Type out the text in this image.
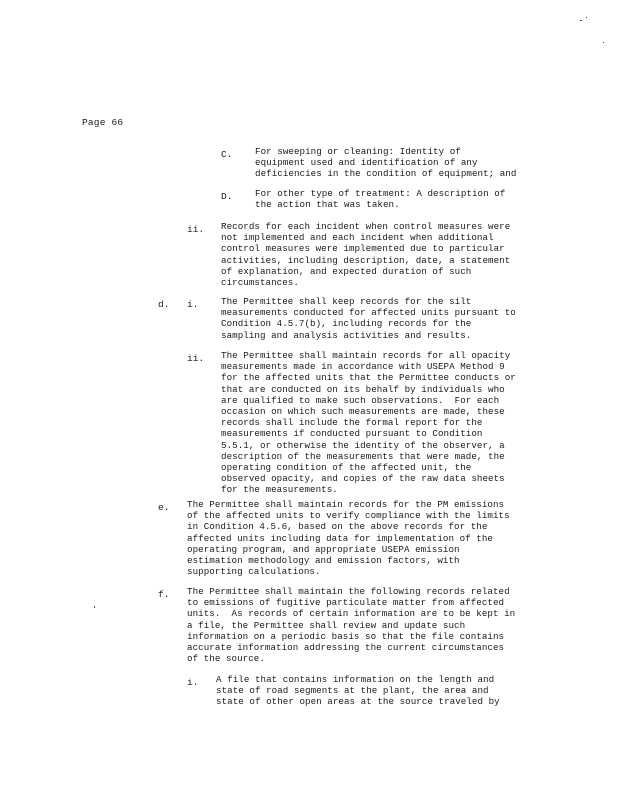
Page 66
C. For sweeping or cleaning: Identity of
equipment used and identification of any
deficiencies in the condition of equipment; and
D. For other type of treatment: A description of
the action that was taken.
ii. Records for each incident when control measures were
not implemented and each incident when additional
control measures were implemented due to particular
activities, including description, date, a statement
of explanation, and expected duration of such
circumstances.
d. i. The Permittee shall keep records for the silt
measurements conducted for affected units pursuant to
Condition 4.5.7(b), including records for the
sampling and analysis activities and results.
ii. The Permittee shall maintain records for all opacity
measurements made in accordance with USEPA Method 9
for the affected units that the Permittee conducts or
that are conducted on its behalf by individuals who
are qualified to make such observations.  For each
occasion on which such measurements are made, these
records shall include the formal report for the
measurements if conducted pursuant to Condition
5.5.1, or otherwise the identity of the observer, a
description of the measurements that were made, the
operating condition of the affected unit, the
observed opacity, and copies of the raw data sheets
for the measurements.
e. The Permittee shall maintain records for the PM emissions
of the affected units to verify compliance with the limits
in Condition 4.5.6, based on the above records for the
affected units including data for implementation of the
operating program, and appropriate USEPA emission
estimation methodology and emission factors, with
supporting calculations.
f. The Permittee shall maintain the following records related
to emissions of fugitive particulate matter from affected
units.  As records of certain information are to be kept in
a file, the Permittee shall review and update such
information on a periodic basis so that the file contains
accurate information addressing the current circumstances
of the source.
i. A file that contains information on the length and
state of road segments at the plant, the area and
state of other open areas at the source traveled by
